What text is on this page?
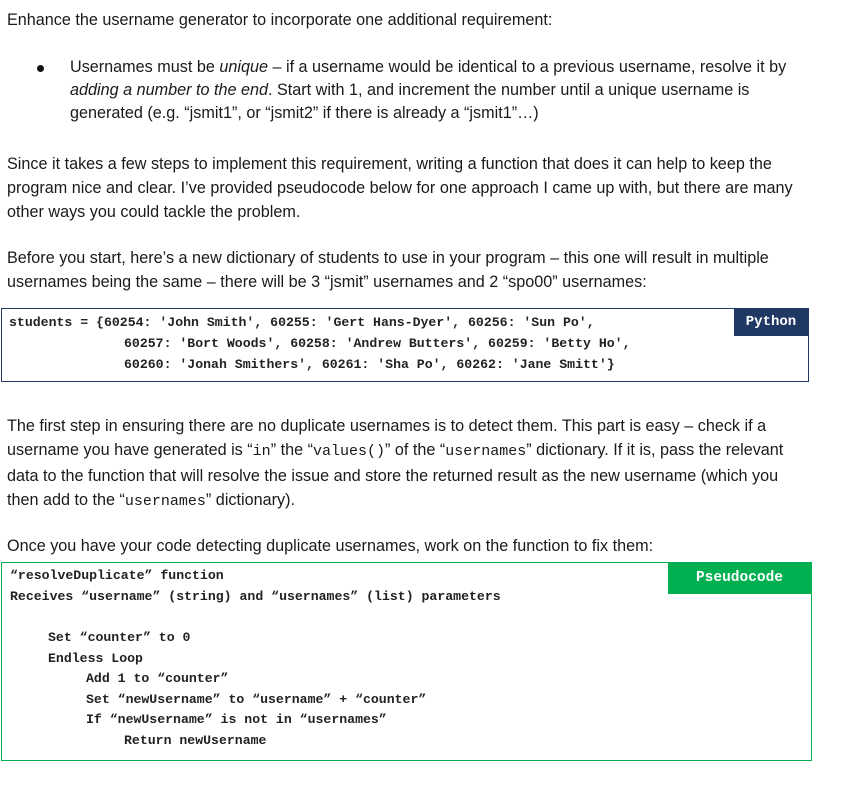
Enhance the username generator to incorporate one additional requirement:

Usernames must be unique – if a username would be identical to a previous username, resolve it by adding a number to the end. Start with 1, and increment the number until a unique username is generated (e.g. “jsmit1”, or “jsmit2” if there is already a “jsmit1”…)

Since it takes a few steps to implement this requirement, writing a function that does it can help to keep the program nice and clear. I’ve provided pseudocode below for one approach I came up with, but there are many other ways you could tackle the problem.

Before you start, here’s a new dictionary of students to use in your program – this one will result in multiple usernames being the same – there will be 3 “jsmit” usernames and 2 “spo00” usernames:

Python
students = {60254: 'John Smith', 60255: 'Gert Hans-Dyer', 60256: 'Sun Po',
60257: 'Bort Woods', 60258: 'Andrew Butters', 60259: 'Betty Ho',
60260: 'Jonah Smithers', 60261: 'Sha Po', 60262: 'Jane Smitt'}

The first step in ensuring there are no duplicate usernames is to detect them. This part is easy – check if a username you have generated is “in” the “values()” of the “usernames” dictionary. If it is, pass the relevant data to the function that will resolve the issue and store the returned result as the new username (which you then add to the “usernames” dictionary).

Once you have your code detecting duplicate usernames, work on the function to fix them:

Pseudocode
“resolveDuplicate” function
Receives “username” (string) and “usernames” (list) parameters
Set “counter” to 0
Endless Loop
Add 1 to “counter”
Set “newUsername” to “username” + “counter”
If “newUsername” is not in “usernames”
Return newUsername
